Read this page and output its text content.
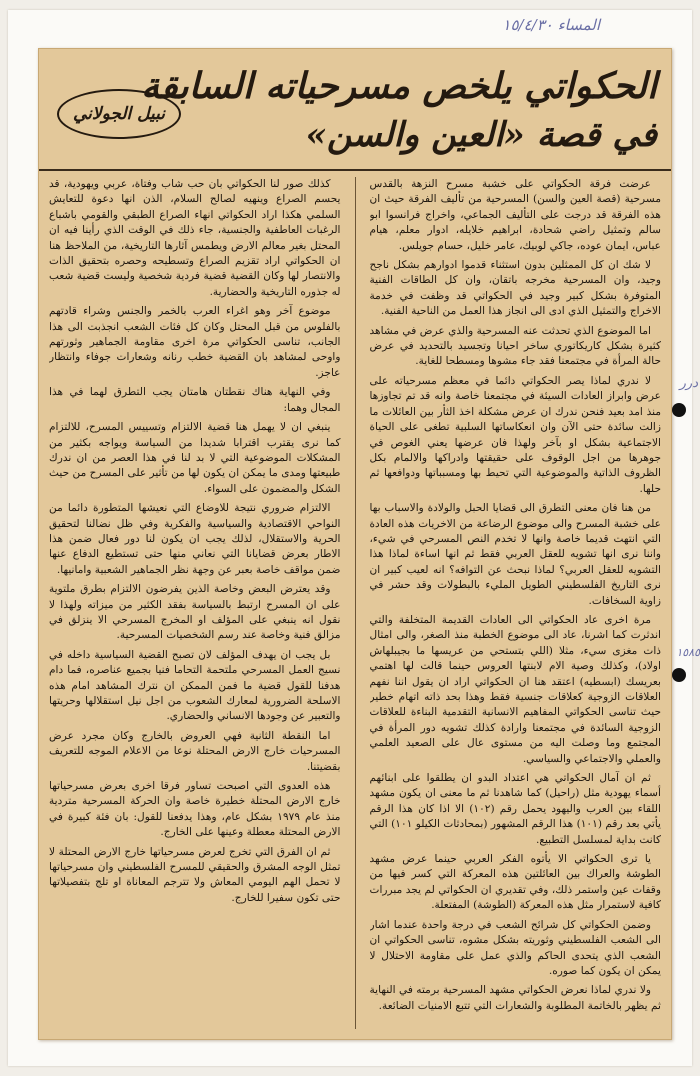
المساء ١٥/٤/٣٠
الحكواتي يلخص مسرحياته السابقة
في قصة «العين والسن»
نبيل الجولاني

عرضت فرقة الحكواتي على خشبة مسرح النزهة بالقدس مسرحية (قصة العين والسن) المسرحية من تأليف الفرقة حيث ان هذه الفرقة قد درجت على التأليف الجماعي، واخراج فرانسوا ابو سالم وتمثيل راضي شحادة، ابراهيم خلايله، ادوار معلم، هيام عباس، ايمان عوده، جاكي لوبيك، عامر خليل، حسام جويلس.

لا شك ان كل الممثلين بدون استثناء قدموا ادوارهم بشكل ناجح وجيد، وان المسرحية مخرجه باتقان، وان كل الطاقات الفنية المتوفرة بشكل كبير وجيد في الحكواتي قد وظفت في خدمة الاخراج والتمثيل الذي ادى الى انجاز هذا العمل من الناحية الفنية.

اما الموضوع الذي تحدثت عنه المسرحية والذي عرض في مشاهد كثيرة بشكل كاريكاتوري ساخر احيانا وتجسيد بالتحديد في عرض حالة المرأة في مجتمعنا فقد جاء مشوها ومسطحا للغاية.

لا ندري لماذا يصر الحكواتي دائما في معظم مسرحياته على عرض وابراز العادات السيئة في مجتمعنا خاصة وانه قد تم تجاوزها منذ امد بعيد فنحن ندرك ان عرض مشكلة اخذ الثأر بين العائلات ما زالت سائدة حتى الآن وان انعكاساتها السلبية تطغى على الحياة الاجتماعية بشكل او بآخر ولهذا فان عرضها يعني الغوص في جوهرها من اجل الوقوف على حقيقتها وادراكها والالمام بكل الظروف الذاتية والموضوعية التي تحيط بها ومسبباتها ودوافعها ثم حلها.

من هنا فان معنى التطرق الى قضايا الحبل والولادة والاسباب بها على خشبة المسرح والى موضوع الرضاعة من الاخريات هذه العادة التي انتهت قديما خاصة وانها لا تخدم النص المسرحي في شيء، واننا نرى انها تشويه للعقل العربي فقط ثم انها اساءة لماذا هذا التشويه للعقل العربي؟ لماذا نبحث عن التوافه؟ انه لعيب كبير ان نرى التاريخ الفلسطيني الطويل المليء بالبطولات وقد حشر في زاوية السخافات.

مرة اخرى عاد الحكواتي الى العادات القديمة المتخلفة والتي اندثرت كما اشرنا، عاد الى موضوع الخطبة منذ الصغر، والى امثال ذات مغزى سيء، مثلا (اللي بتستحي من عريسها ما بجيبلهاش اولاد)، وكذلك وصية الام لابنتها العروس حينما قالت لها اهتمي بعريسك (ابسطيه) اعتقد هنا ان الحكواتي اراد ان يقول اننا نفهم العلاقات الزوجية كعلاقات جنسية فقط وهذا بحد ذاته اتهام خطير حيث تناسى الحكواتي المفاهيم الانسانية التقدمية البناءة للعلاقات الزوجية السائدة في مجتمعنا وارادة كذلك تشويه دور المرأة في المجتمع وما وصلت اليه من مستوى عال على الصعيد العلمي والعملي والاجتماعي والسياسي.

ثم ان آمال الحكواتي هي اعتداد البدو ان يطلقوا على ابنائهم أسماء يهودية مثل (راحيل) كما شاهدنا ثم ما معنى ان يكون مشهد اللقاء بين العرب واليهود يحمل رقم (١٠٢) الا اذا كان هذا الرقم يأتي بعد رقم (١٠١) هذا الرقم المشهور (بمحادثات الكيلو ١٠١) التي كانت بداية لمسلسل التطبيع.

يا ترى الحكواتي الا يأتوه الفكر العربي حينما عرض مشهد الطوشة والعراك بين العائلتين هذه المعركة التي كسر فيها من وقفات عين واستمر ذلك، وفي تقديري ان الحكواتي لم يجد مبررات كافية لاستمرار مثل هذه المعركة (الطوشة) المفتعلة.

وضمن الحكواتي كل شرائح الشعب في درجة واحدة عندما اشار الى الشعب الفلسطيني وثوريته بشكل مشوه، تناسى الحكواتي ان الشعب الذي يتحدى الحاكم والذي عمل على مقاومة الاحتلال لا يمكن ان يكون كما صوره.

ولا ندري لماذا نعرض الحكواتي مشهد المسرحية برمته في النهاية ثم يظهر بالخاتمة المطلوبة والشعارات التي تتبع الامنيات الضائعة.

كذلك صور لنا الحكواتي بان حب شاب وفتاة، عربي ويهودية، قد يحسم الصراع وينهيه لصالح السلام، الذن انها دعوة للتعايش السلمي هكذا اراد الحكواتي انهاء الصراع الطبقي والقومي باشباع الرغبات العاطفية والجنسية، جاء ذلك في الوقت الذي رأينا فيه ان المحتل بغير معالم الارض ويطمس آثارها التاريخية، من الملاحظ هنا ان الحكواتي اراد تقزيم الصراع وتسطيحه وحصره بتحقيق الذات والانتصار لها وكان القضية قضية فردية شخصية وليست قضية شعب له جذوره التاريخية والحضارية.

موضوع آخر وهو اغراء العرب بالخمر والجنس وشراء قادتهم بالفلوس من قبل المحتل وكان كل فئات الشعب انجذبت الى هذا الجانب، تناسى الحكواتي مرة اخرى مقاومة الجماهير وثورتهم واوحى لمشاهد بان القضية خطب رنانه وشعارات جوفاء وانتظار عاجز.

وفي النهاية هناك نقطتان هامتان يجب التطرق لهما في هذا المجال وهما:

ينبغي ان لا يهمل هنا قضية الالتزام وتسييس المسرح، للالتزام كما نرى يقترب اقترابا شديدا من السياسة ويواجه بكثير من المشكلات الموضوعية التي لا بد لنا في هذا العصر من ان ندرك طبيعتها ومدى ما يمكن ان يكون لها من تأثير على المسرح من حيث الشكل والمضمون على السواء.

الالتزام ضروري نتيجة للاوضاع التي نعيشها المتطورة دائما من النواحي الاقتصادية والسياسية والفكرية وفي ظل نضالنا لتحقيق الحرية والاستقلال، لذلك يجب ان يكون لنا دور فعال ضمن هذا الاطار بعرض قضايانا التي نعاني منها حتى تستطيع الدفاع عنها ضمن مواقف خاصة بعبر عن وجهة نظر الجماهير الشعبية وامانيها.

وقد يعترض البعض وخاصة الذين يفرضون الالتزام بطرق ملتوية على ان المسرح ارتبط بالسياسة بفقد الكثير من ميزاته ولهذا لا نقول انه ينبغي على المؤلف او المخرج المسرحي الا ينزلق في مزالق فنية وخاصة عند رسم الشخصيات المسرحية.

بل يجب ان يهدف المؤلف لان تصبح القضية السياسية داخله في نسيج العمل المسرحي ملتحمة التحاما فنيا بجميع عناصره، فما دام هدفنا للقول قضية ما فمن الممكن ان نترك المشاهد امام هذه الاسلحة الضرورية لمعارك الشعوب من اجل نيل استقلالها وحريتها والتعبير عن وجودها الانساني والحضاري.

اما النقطة الثانية فهي العروض بالخارج وكان مجرد عرض المسرحيات خارج الارض المحتلة نوعا من الاعلام الموجه للتعريف بقضيتنا.

هذه العدوى التي اصبحت تساور فرقا اخرى بعرض مسرحياتها خارج الارض المحتلة خطيرة خاصة وان الحركة المسرحية متردية منذ عام ١٩٧٩ بشكل عام، وهذا يدفعنا للقول: بان فئة كبيرة في الارض المحتلة معطلة وعينها على الخارج.

ثم ان الفرق التي تخرج لعرض مسرحياتها خارج الارض المحتلة لا تمثل الوجه المشرق والحقيقي للمسرح الفلسطيني وان مسرحياتها لا تحمل الهم اليومي المعاش ولا تترجم المعاناة او تلج بتفصيلاتها حتى تكون سفيرا للخارج.

درر
١٥٨٥
